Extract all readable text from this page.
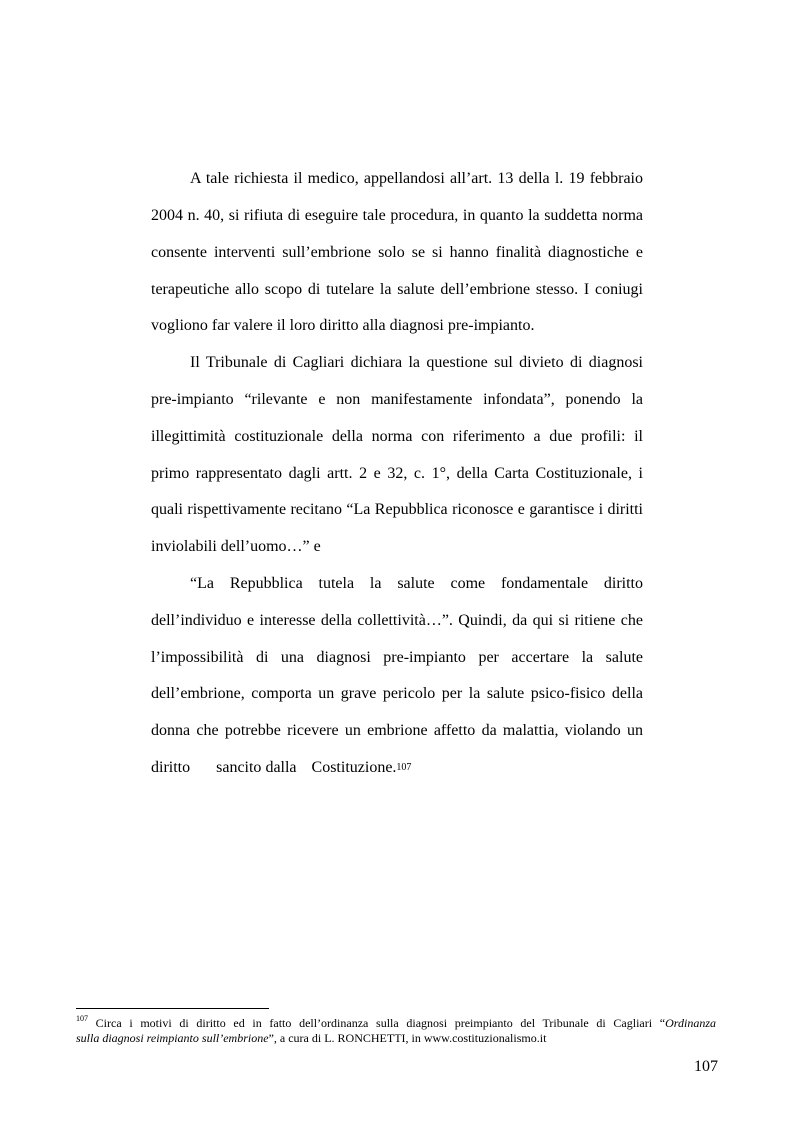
A tale richiesta il medico, appellandosi all’art. 13 della l. 19 febbraio
2004 n. 40, si rifiuta di eseguire tale procedura, in quanto la suddetta norma
consente interventi sull’embrione solo se si hanno finalità diagnostiche e
terapeutiche allo scopo di tutelare la salute dell’embrione stesso. I coniugi
vogliono far valere il loro diritto alla diagnosi pre-impianto.
Il Tribunale di Cagliari dichiara la questione sul divieto di diagnosi
pre-impianto “rilevante e non manifestamente infondata”, ponendo la
illegittimità costituzionale della norma con riferimento a due profili: il
primo rappresentato dagli artt. 2 e 32, c. 1°, della Carta Costituzionale, i
quali rispettivamente recitano “La Repubblica riconosce e garantisce i diritti
inviolabili dell’uomo…” e
“La Repubblica tutela la salute come fondamentale diritto
dell’individuo e interesse della collettività…”. Quindi, da qui si ritiene che
l’impossibilità di una diagnosi pre-impianto per accertare la salute
dell’embrione, comporta un grave pericolo per la salute psico-fisico della
donna che potrebbe ricevere un embrione affetto da malattia, violando un
diritto sancito dalla Costituzione.$^{107}$
$^{107}$ Circa i motivi di diritto ed in fatto dell’ordinanza sulla diagnosi preimpianto del Tribunale di Cagliari “Ordinanza
sulla diagnosi reimpianto sull’embrione”, a cura di L. RONCHETTI, in www.costituzionalismo.it
107
